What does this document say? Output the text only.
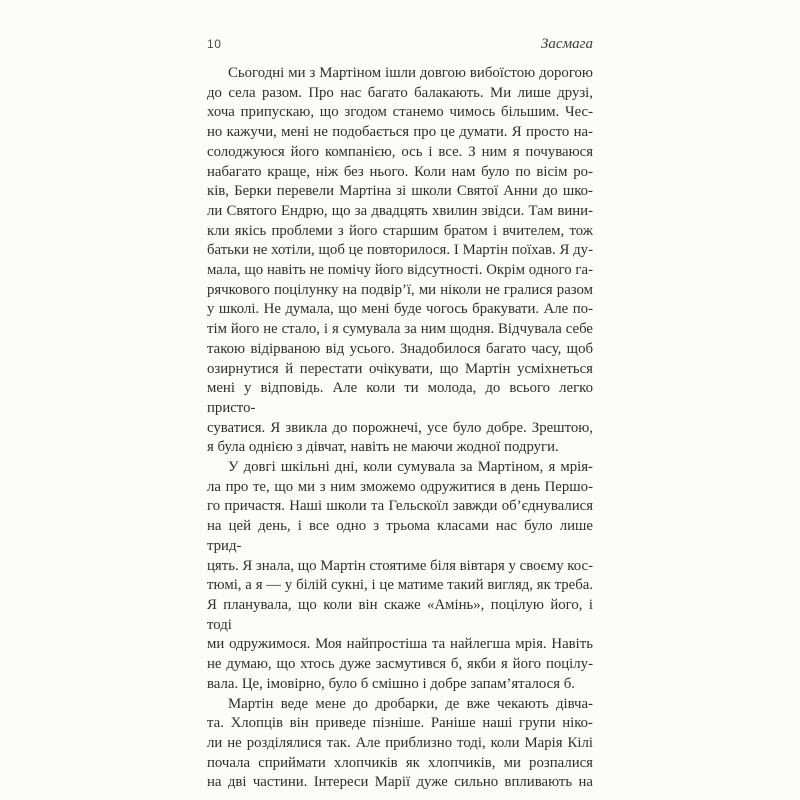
10	Засмага
Сьогодні ми з Мартіном ішли довгою вибоїстою дорогою
до села разом. Про нас багато балакають. Ми лише друзі,
хоча припускаю, що згодом станемо чимось більшим. Чес-
но кажучи, мені не подобається про це думати. Я просто на-
солоджуюся його компанією, ось і все. З ним я почуваюся
набагато краще, ніж без нього. Коли нам було по вісім ро-
ків, Берки перевели Мартіна зі школи Святої Анни до шко-
ли Святого Ендрю, що за двадцять хвилин звідси. Там вини-
кли якісь проблеми з його старшим братом і вчителем, тож
батьки не хотіли, щоб це повторилося. І Мартін поїхав. Я ду-
мала, що навіть не помічу його відсутності. Окрім одного га-
рячкового поцілунку на подвір’ї, ми ніколи не гралися разом
у школі. Не думала, що мені буде чогось бракувати. Але по-
тім його не стало, і я сумувала за ним щодня. Відчувала себе
такою відірваною від усього. Знадобилося багато часу, щоб
озирнутися й перестати очікувати, що Мартін усміхнеться
мені у відповідь. Але коли ти молода, до всього легко присто-
суватися. Я звикла до порожнечі, усе було добре. Зрештою,
я була однією з дівчат, навіть не маючи жодної подруги.
У довгі шкільні дні, коли сумувала за Мартіном, я мрія-
ла про те, що ми з ним зможемо одружитися в день Першо-
го причастя. Наші школи та Гельскоїл завжди об’єднувалися
на цей день, і все одно з трьома класами нас було лише трид-
цять. Я знала, що Мартін стоятиме біля вівтаря у своєму кос-
тюмі, а я — у білій сукні, і це матиме такий вигляд, як треба.
Я планувала, що коли він скаже «Амінь», поцілую його, і тоді
ми одружимося. Моя найпростіша та найлегша мрія. Навіть
не думаю, що хтось дуже засмутився б, якби я його поцілу-
вала. Це, імовірно, було б смішно і добре запам’яталося б.
Мартін веде мене до дробарки, де вже чекають дівча-
та. Хлопців він приведе пізніше. Раніше наші групи ніко-
ли не розділялися так. Але приблизно тоді, коли Марія Кілі
почала сприймати хлопчиків як хлопчиків, ми розпалися
на дві частини. Інтереси Марії дуже сильно впливають на
